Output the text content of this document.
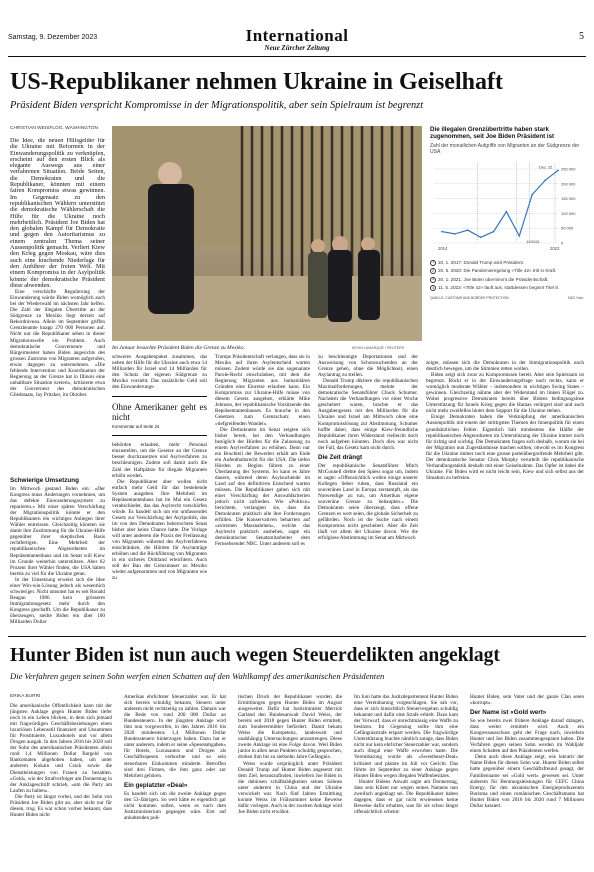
Samstag, 9. Dezember 2023	International
Neue Zürcher Zeitung
5
US-Republikaner nehmen Ukraine in Geiselhaft
Präsident Biden verspricht Kompromisse in der Migrationspolitik, aber sein Spielraum ist begrenzt
CHRISTIAN WEISFLOG, WASHINGTON

Die Idee, die neuen Hilfsgelder für die Ukraine mit Reformen in der Einwanderungspolitik zu verknüpfen, erscheint auf den ersten Blick als elegante Auswegs aus einer verfahrenen Situation. Beide Seiten, die Demokraten und die Republikaner, könnten mit einem fairen Kompromiss etwas gewinnen. Im Gegensatz zu den republikanischen Wählern unterstützt die demokratische Wählerschaft die Hilfe für die Ukraine noch mehrheitlich. Präsident Joe Biden hat den globalen Kampf für Demokratie und gegen den Autoritarismus zu einem zentralen Thema seiner Aussenpolitik gemacht. Verliert Kiew den Krieg gegen Moskau, wäre dies auch eine krachende Niederlage für den Anführer der freien Welt. Mit einem Kompromiss in der Asylpolitik könnte der demokratische Präsident diese abwenden.

Eine verschärfte Regulierung der Einwanderung würde Biden womöglich auch bei der Wiederwahl im nächsten Jahr helfen. Die Zahl der illegalen Übertritte an der Südgrenze zu Mexiko liegt derzeit auf Rekordniveau. Allein im September griffen Grenzbeamte knapp 270 000 Personen auf. Nicht nur die Republikaner sehen in dieser Migrationswelle ein Problem. Auch demokratische Gouverneure und Bürgermeister haben Biden angesichts des grossen Zustroms von Migranten aufgerufen, etwas dagegen zu unternehmen. «Die fehlende Intervention und Koordination der Regierung an der Grenze hat in Illinois eine unhaltbare Situation kreiert», kritisierte etwa der Gouverneur des demokratischen Gliedstaats, Jay Pritzker, im Oktober.

Schwierige Umsetzung

Im Mittwoch gestand Biden ein: «Der Kongress muss Änderungen vornehmen, um das defekte Einwanderungssystem zu reparieren.» Mit einer späten Verschärfung der Migrationspolitik könnte er den Republikanern ein wichtiges Anliegen ihrer Wähler entreissen. Gleichzeitig könnten sie damit ihre Zustimmung für die Ukraine-Hilfe gegenüber ihrer skeptischen Basis rechtfertigen. Eine Mehrheit der republikanischen Abgeordneten im Repräsentantenhaus und im Senat will Kiew im Grunde weiterhin unterstützen. Aber 62 Prozent ihrer Wähler finden, die USA hätten bereits zu viel für die Ukraine getan.

In der Umsetzung erweist sich die Idee einer Win-win-Lösung jedoch als wesentlich schwieriger. Nicht umsonst hat es seit Ronald Reagan 1986 kein grösseres Immigrationsgesetz mehr durch den Kongress geschafft. Um die Republikaner zu überzeugen, stellte Biden ein über 100 Milliarden Dollar

Im Januar besuchte Präsident Biden die Grenze zu Mexiko.	KEVIN LAMARQUE / REUTERS
Die illegalen Grenzübertritte haben stark zugenommen, seit Joe Biden Präsident ist
Zahl der monatlichen Aufgriffe von Migranten an der Südgrenze der USA
250 000
200 000
150 000
100 000
50 000
0
2014	2023
Dez. 22
11/2021
1 20. 1. 2017: Donald Trump wird Präsident.
2 20. 5. 2020: Die Pandemieregelung «Title 42» tritt in Kraft.
3 20. 1. 2021: Joe Biden übernimmt die Präsidentschaft.
4 11. 5. 2023: «Title 42» läuft aus, stattdessen beginnt Titel 8.
QUELLE: CUSTOMS AND BORDER PROTECTION	NZZ / lom.

schweres Ausgabenpaket zusammen, das neben der Hilfe für die Ukraine auch etwa 14 Milliarden für Israel und 14 Milliarden für den Schutz der eigenen Südgrenze zu Mexiko vorsieht. Das zusätzliche Geld soll den Einwanderungs-

Ohne Amerikaner geht es nicht
Kommentar auf Seite 24

behörden erlauben, mehr Personal einzustellen, um die Gesetze an der Grenze besser durchzusetzen und Asylverfahren zu beschleunigen. Zudem soll damit auch die Zahl der Haftplätze für illegale Migranten erhöht werden.

Die Republikaner aber wollen nicht einfach mehr Geld für das bestehende System ausgeben. Ihre Mehrheit im Repräsentantenhaus hat im Mai ein Gesetz verabschiedet, das das Asylrecht verschärfen würde. Es handelt sich um ein umfassendes Gesetz zur Verschärfung der Asylpolitik, das im von den Demokraten beherrschten Senat bisher aber keine Chance hatte. Die Vorlage will unter anderem die Praxis der Freilassung von Migranten während des Asylverfahrens einschränken, die Hürden für Asylanträge erhöhen und die Rückführung von Migranten in ein sicheres Drittland erleichtern. Auch soll der Bau der Grenzmauer zu Mexiko wieder aufgenommen und von Migranten wie zu

Trumps Präsidentschaft verlangen, dass sie in Mexiko auf ihren Asylentscheid warten müssen. Zudem würde sie das sogenannte Parole-Recht einschränken, mit dem die Regierung Migranten aus humanitären Gründen eine Einreise erlauben kann. Ein Kompromiss zur Ukraine-Hilfe müsse von diesem Gesetz ausgehen, erklärte Mike Johnson, der republikanische Vorsitzende des Repräsentantenhauses. Es brauche in den Gesetzen zum Grenzschutz einen «tiefgreifenden Wandel».

Die Demokraten im Senat zeigten sich bisher bereit, bei den Verhandlungen bezüglich der Hürden für die Zulassung zu einem Asylverfahren zu erhöhen. Denn nur ein Bruchteil der Bewerber erhält am Ende ein Aufenthaltsrecht für die USA. Die tiefen Hürden zu Beginn führen zu einer Überlastung des Systems. So kann es Jahre dauern, während deren Asylsuchende im Land auf den definitiven Entscheid warten müssen. Die Republikaner gaben sich mit einer Verschärfung der Auswahlkriterien jedoch nicht zufrieden. Wie «Politico» berichtete, verlangten sie, dass die Demokraten praktisch alle ihre Forderungen erfüllen. Die Konservativen beharrten auf «extremen Massnahmen», welche das Asylrecht praktisch ausheben, sagte ein demokratischer Senatsmitarbeiter dem Fernsehsender NBC. Unter anderem soll es

zu beschleunigte Deportationen und der Ausweisung von Schutzsuchenden an der Grenze gehen, ohne die Möglichkeit, einen Asylantrag zu stellen.

Donald Trump diktiere die republikanischen Maximalforderungen, meinte der demokratische Senatsführer Chuck Schumer. Nachdem die Verhandlungen vor einer Woche gescheitert waren, brachte er das Ausgabengesetz mit den Milliarden für die Ukraine und Israel am Mittwoch ohne eine Kompromisslösung zur Abstimmung. Schumer hoffte dabei, dass einige Kiew-freundliche Republikaner ihren Widerstand vielleicht doch noch aufgeben könnten. Doch dies war nicht der Fall, das Gesetz kam nicht durch.

Die Zeit drängt

Der republikanische Senatsführer Mitch McConnell drehte den Spiess sogar um, indem er sagte: «Offensichtlich wollen einige unserer Kollegen lieber ruhen, dass Russland ein souveränes Land in Europa zerstampft, als das Notwendige zu tun, um Amerikas eigene souveräne Grenze zu behaupten.» Die Demokraten seien überzeugt, dass offene Grenzen es wert seien, die globale Sicherheit zu gefährden. Noch ist die Suche nach einem Kompromiss nicht gescheitert. Aber die Zeit läuft vor allem der Ukraine davon. Wie die erfolglose Abstimmung im Senat am Mittwoch

zeigte, müssen sich die Demokraten in der Immigrationspolitik noch deutlich bewegen, um die Stimmen retten wollen.

Biden zeigt sich zwar zu Kompromissen bereit. Aber sein Spielraum ist begrenzt. Rückt er in der Einwanderungsfrage nach rechts, kann er womöglich moderate Wähler – insbesondere in wichtigen Swing States – gewinnen. Gleichzeitig nähme aber der Widerstand im linken Flügel zu. Wobei progressive Demokraten bereits über Bidens bedingungslose Unterstützung für Israels Krieg gegen die Hamas verärgert sind und auch nicht mehr zweifellos hinter dem Support für die Ukraine stehen.

Einige Demokraten haben die Verknüpfung der amerikanischen Aussenpolitik mit einem der strittigsten Themen der Innenpolitik für einen grundsätzlichen Fehler. Eigentlich hält mindestens die Hälfte der republikanischen Abgeordneten im Unterstützung der Ukraine immer noch für richtig und wichtig. Die Demokraten fragen sich deshalb, warum sie bei der Migration nun Zugeständnisse machen sollten, obwohl es im Kongress für die Ukraine immer noch eine grosse parteiübergreifende Mehrheit gibt. Der demokratische Senator Chris Murphy verurteilt die republikanische Verhandlungstaktik deshalb mit einer Geiselnahme. Das Opfer ist dabei die Ukraine. Für Biden wird es nicht leicht sein, Kiew und sich selbst aus der Situation zu befreien.

Hunter Biden ist nun auch wegen Steuerdelikten angeklagt
Die Verfahren gegen seinen Sohn werfen einen Schatten auf den Wahlkampf des amerikanischen Präsidenten
ERIKA BURRI

Die amerikanische Öffentlichkeit kann mit der jüngsten Anklage gegen Hunter Biden tiefer noch in ein Leben blicken, in dem sich jemand mit fragwürdigen Geschäftsbeziehungen einen luxuriösen Lebensstil finanziert und Unsummen für Prostituierte, Luxushotels und vor allem Drogen ausgab. In den Jahren 2016 bis 2020 soll der Sohn des amerikanischen Präsidenten allein rund 1,4 Millionen Dollar Bargeld von Bankomaten abgehoben haben, um unter anderem Kokain und Crack sowie die Dienstleistungen von Frauen zu bezahlen. «Geld», wie der Strafverfolger am Donnerstag in der Anklageschrift schrieb, «um die Party am Laufen zu halten».

Die Party ist längst vorbei, und der Sohn von Präsident Joe Biden gibt an, aber nicht nur für diesen, trog. Es war schon vorher bekannt, dass Hunter Biden nicht

Amerikas ehrlichster Steuerzahler war. Er hat sich bereits schuldig bekannt, Steuern unter anderem nicht rechtzeitig zu zahlen. Damals war die Rede von rund 200 000 Dollar an Bundessteuern. In der jüngsten Anklage wird ihm nun vorgeworfen, in den Jahren 2016 bis 2020 mindestens 1,4 Millionen Dollar Bundessteuern hinterzogen haben. Dazu hat er unter anderem, indem er seine «Spesenabgaben» für Hotels, Luxusautos und Drogen als Geschäftsspesen verbuchte und so sein steuerbares Einkommen minderte. Betroffen sind drei Firmen, die ihm ganz oder zur Mehrheit gehören.

Ein geplatzter «Deal»

Es handelt sich um die zweite Anklage gegen den 53-Jährigen. So weit hätte es eigentlich gar nicht kommen sollen, wenn es nach dem Justizministerium gegangen wäre. Erst auf anhaltenden poli-

tischen Druck der Republikaner wurden die Ermittlungen gegen Hunter Biden im August ausgeweitet. Dafür hat Justizminister Merrick Garland den Bundesanwalt David Weiss, der bereits seit 2018 gegen Hunter Biden ermittelt, zum Sonderermittler befördert. Damit bekam Weiss die Kompetenz, landesweit und unabhängig Untersuchungen anzustrengen. Diese zweite Anklage ist eine Folge davon. Weil Biden junior in allen neun Punkten schuldig gesprochen, drohen ihm bis zu siebzehn Jahre Gefängnis.

Weiss wurde ursprünglich unter Präsident Donald Trump auf Hunter Biden angesetzt mit dem Ziel, herauszufinden, inwiefern Joe Biden in die dubiosen schäftstätigkeiten seines Sohnes unter anderem in China und der Ukraine verwickelt war. Nach fünf Jahren Ermittlung konnte Weiss im Frühsommer keine Beweise dafür vorlegen. Auch in der zweiten Anklage wird Joe Biden nicht erwähnt.

Im Juni hatte das Justizdepartement Hunter Biden eine Vereinbarung vorgeschlagen. Sie sah vor, dass er sich hinsichtlich Steuervergehen schuldig bekannte und dafür eine Strafe erhielt. Dazu kam der Vorwurf, dass er unrechtmässig eine Waffe zu besitzen. Im Gegenzug sollte ihm eine Gefängnisstrafe erspart werden. Die fragwürdige Unterstützung brachte nämlich zutage, dass Biden nicht nur kein ehrlicher Steuerzahler war, sondern auch illegal eine Waffe erworben hatte. Die Vereinbarung wurde als «Sweetheart-Deal» kritisiert und platzte im Juli vor Gericht. Das führte im September zu einer Anklage gegen Hunter Biden wegen illegalen Waffenbesitzes.

Hunter Bidens Anwalt sagte am Donnerstag, dass sein Klient nur wegen seines Namens nun zweifach angeklagt sei. Die Republikaner haben dagegen, dass er gar nicht erwiesenen keine Beweise dafür erhalten, was für sie schon längst offensichtlich scheint:

Hunter Biden, sein Vater und der ganze Clan seien «korrupt».

Der Name ist «Gold wert»

So wie bereits zwei frühere Anklage darauf drängen, dass weiter ermittelt wird. Auch ein Kongressausschuss geht der Frage nach, inwiefern Hunter und Joe Biden zusammengespannt haben. Die Verfahren gegen seinen Sohn werden im Wahljahr einen Schatten auf den Präsidenten werfen.

Denn auch diese Anklage zeigt, wie lukrativ der Name Biden für diesen Sohn war. Hunter Biden selbst hatte gegenüber einem Geschäftsfreund gesagt, der Familienname sei «Gold wert» gewesen sei. Unter anderem für Beratungsleistungen für CEFC China Energy, für den ukrainischen Energieproduzenten Burisma und einen rumänischen Geschäftsmann hat Hunter Biden von 2016 bis 2020 rund 7 Millionen Dollar kassiert.
